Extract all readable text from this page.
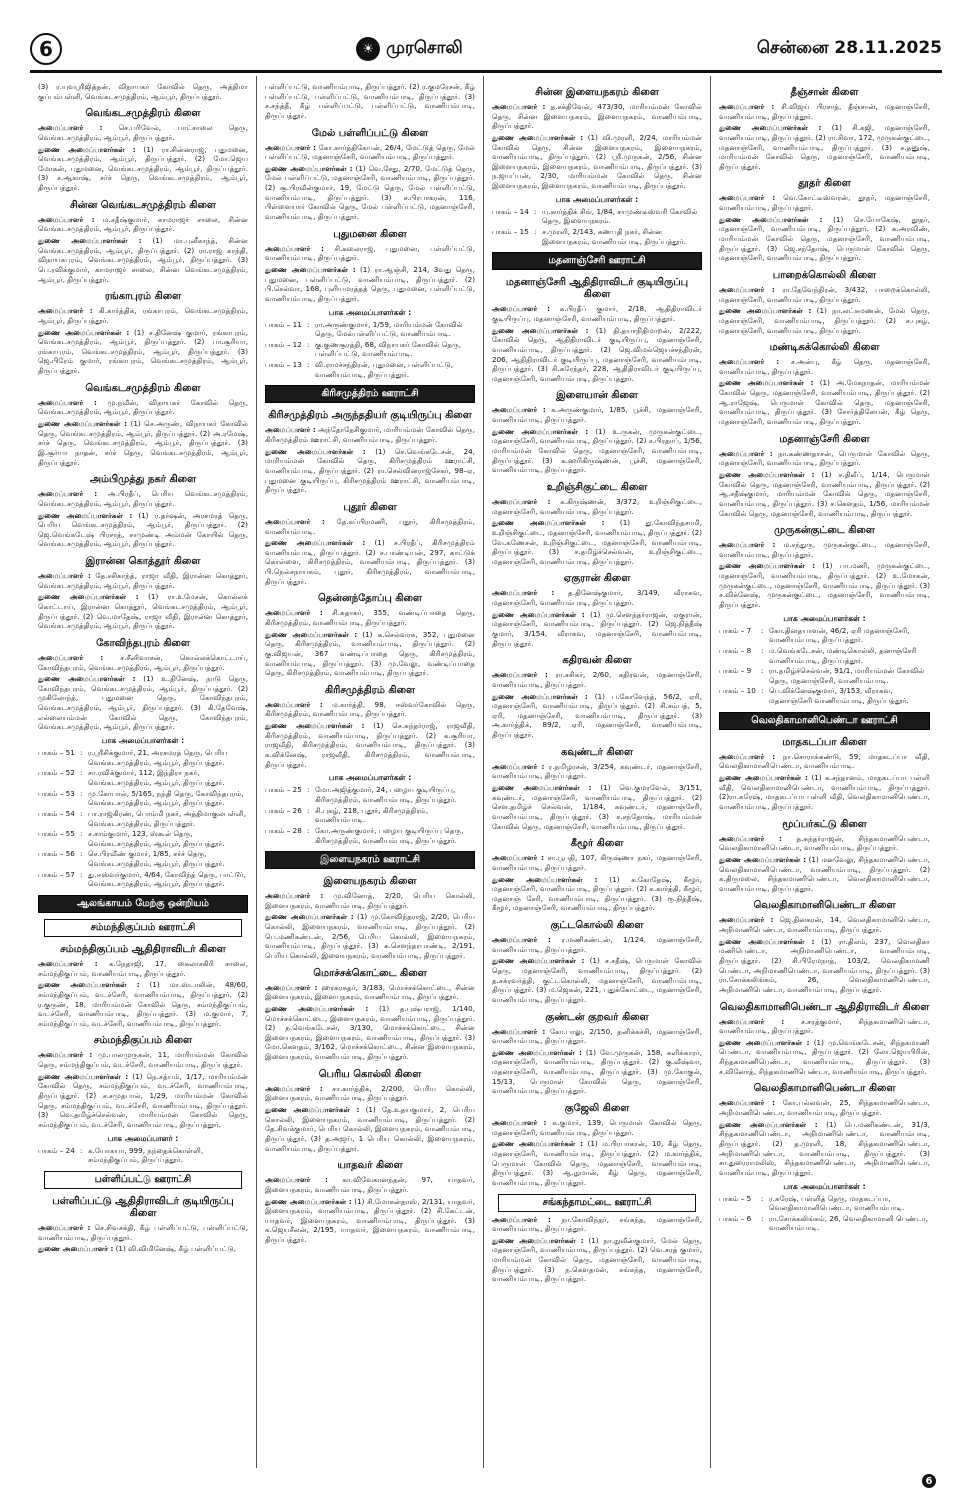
6	☀ முரசொலி	சென்னை 28.11.2025
(3) ர.யுவஸ்ரீஜித்தன், விநாயகர் கோவில் தெரு, அத்திமா குப்பம்பள்ளி, வெங்கடசமுத்திரம், ஆம்பூர், திருப்பத்தூர்.
வெங்கடசமுத்திரம் கிளை
அமைப்பாளர் : செ.பரிவேல், பாட்சாலை தெரு, வெங்கடசமுத்திரம், ஆம்பூர், திருப்பத்தூர்.
துணை அமைப்பாளர்கள் : (1) ரா.சின்னராஜ், புதுமனை, வெங்கடசமுத்திரம், ஆம்பூர், திருப்பத்தூர். (2) மோ.ஜெய மோகன், புதுமனை, வெங்கடசமுத்திரம், ஆம்பூர், திருப்பத்தூர். (3) ச.ஆகாஷ், சர்ச் தெரு, வெங்கடசமுத்திரம், ஆம்பூர், திருப்பத்தூர்.
சின்ன வெங்கடசமுத்திரம் கிளை
அமைப்பாளர் : ம.சதீஷ்குமார், காமராஜர் சாலை, சின்ன வெங்கடசமுத்திரம், ஆம்பூர், திருப்பத்தூர்.
துணை அமைப்பாளர்கள் : (1) மா.புனீகாந்த், சின்ன வெங்கடசமுத்திரம், ஆம்பூர், திருப்பத்தூர். (2) ரா.ராஜ் காந்தி, விநாயகபுரம், வெங்கடசமுத்திரம், ஆம்பூர், திருப்பத்தூர். (3) பெ.ரவிக்குமார், காமராஜர் சாலை, சின்ன வெங்கடசமுத்திரம், ஆம்பூர், திருப்பத்தூர்.
ரங்காபுரம் கிளை
அமைப்பாளர் : கி.கார்த்திக், ரங்காபுரம், வெங்கடசமுத்திரம், ஆம்பூர், திருப்பத்தூர்.
துணை அமைப்பாளர்கள் : (1) ச.தினேஷ் குமார், ரங்காபுரம், வெங்கடசமுத்திரம், ஆம்பூர், திருப்பத்தூர். (2) பா.சூரியா, ரங்காபுரம், வெங்கடசமுத்திரம், ஆம்பூர், திருப்பத்தூர். (3) ஜெ.பிரேம் குமார், ரங்காபுரம், வெங்கடசமுத்திரம், ஆம்பூர், திருப்பத்தூர்.
வெங்கடசமுத்திரம் கிளை
அமைப்பாளர் : மு.நவீன், விநாயகர் கோவில் தெரு, வெங்கடசமுத்திரம், ஆம்பூர், திருப்பத்தூர்.
துணை அமைப்பாளர்கள் : (1) செ.அருண், விநாயகர் கோவில் தெரு, வெங்கடசமுத்திரம், ஆம்பூர், திருப்பத்தூர். (2) அ.ரமேஷ், சர்ச் தெரு, வெங்கடசமுத்திரம், ஆம்பூர், திருப்பத்தூர். (3) இ.சூர்யா நாதன், சர்ச் தெரு, வெங்கடசமுத்திரம், ஆம்பூர், திருப்பத்தூர்.
அம்பிமுத்து நகர் கிளை
அமைப்பாளர் : அ.பிரதீப், பெரிய வெங்கடசமுத்திரம், வெங்கடசமுத்திரம், ஆம்பூர், திருப்பத்தூர்.
துணை அமைப்பாளர்கள் : (1) ர.தர்ஷன், அரசமரத் தெரு, பெரிய வெங்கடசமுத்திரம், ஆம்பூர், திருப்பத்தூர். (2) ஜெ.வெங்கடேஷ் பிரசாத், சாமுண்டி அம்மன் கோயில் தெரு, வெங்கடசமுத்திரம், ஆம்பூர், திருப்பத்தூர்.
இரான்ன கொத்தூர் கிளை
அமைப்பாளர் : தே.சசிகாந்த், ராஜா வீதி, இரான்ன கொத்தூர், வெங்கடசமுத்திரம், ஆம்பூர், திருப்பத்தூர்.
துணை அமைப்பாளர்கள் : (1) ரா.உமேசன், கொல்லக் கொட்டாய், இரான்ன கொத்தூர், வெங்கடசமுத்திரம், ஆம்பூர், திருப்பத்தூர். (2) வெ.மாதேஷ், ராஜா வீதி, இரான்ன கொத்தூர், வெங்கடசமுத்திரம், ஆம்பூர், திருப்பத்தூர்.
கோவிந்தபுரம் கிளை
அமைப்பாளர் : ச.சீனிவாசன், கொல்லக்கொட்டாய், கோவிந்தபுரம், வெங்கடசமுத்திரம், ஆம்பூர், திருப்பத்தூர்.
துணை அமைப்பாளர்கள் : (1) உ.தினேஷ், நாடு தெரு, கோவிந்தபுரம், வெங்கடசமுத்திரம், ஆம்பூர், திருப்பத்தூர். (2) முகிலோந்த், புதுமனை தெரு, கோவிந்தபுரம், வெங்கடசமுத்திரம், ஆம்பூர், திருப்பத்தூர். (3) கி.தேவேஷ், எல்லையம்மன் கோவில் தெரு, கோவிந்தபுரம், வெங்கடசமுத்திரம், ஆம்பூர், திருப்பத்தூர்.
பாக அமைப்பாளர்கள் :
பாகம் – 51 : ர.ஸ்ரீசிக்குமார், 21, அரசமரத் தெரு, பெரிய வெங்கடசமுத்திரம், ஆம்பூர், திருப்பத்தூர்.
பாகம் – 52 : சா.ரவிக்குமார், 112, இந்திரா நகர், வெங்கடசமுத்திரம், ஆம்பூர், திருப்பத்தூர்.
பாகம் – 53 : மு.கோபால், 5/165, நந்தி தெரு, கோவிந்தபுரம், வெங்கடசமுத்திரம், ஆம்பூர், திருப்பத்தூர்.
பாகம் – 54 : பா.ராஜ்கிரண், பொம்மி நகர், அத்திமாகுலபள்ளி, வெங்கடசமுத்திரம், திருப்பத்தூர்.
பாகம் – 55 : ச.சாம்குமார், 123, ஸ்கூல் தெரு, வெங்கடசமுத்திரம், ஆம்பூர், திருப்பத்தூர்.
பாகம் – 56 : செ.பிரவீண் குமார், 1/85, சர்ச் தெரு, வெங்கடசமுத்திரம், ஆம்பூர், திருப்பத்தூர்.
பாகம் – 57 : து.ஈஸ்வர்குமார், 4/64, கோவிந்த் தெரு, பாட்டூர், வெங்கடசமுத்திரம், ஆம்பூர், திருப்பத்தூர்.
ஆலங்காயம் மேற்கு ஒன்றியம்
சம்மந்திகுப்பம் ஊராட்சி
சம்மந்திகுப்பம் ஆதிதிராவிடர் கிளை
அமைப்பாளர் : க.நேதாஜி, 17, கைலாசகிரி சாலை, சம்மந்திகுப்பம், வாணியம்பாடி, திருப்பத்தூர்.
துணை அமைப்பாளர்கள் : (1) மா.ஸ்டாலின், 48/60, சம்மந்திகுப்பம், வடச்சேரி, வாணியம்பாடி, திருப்பத்தூர். (2) ர.குருண், 18, மாரியம்மன் கோவில் தெரு, சம்மந்திகுப்பம், வடச்சேரி, வாணியம்பாடி, திருப்பத்தூர். (3) ம.குமார், 7, சம்மந்திகுப்பம், வடச்சேரி, வாணியம்பாடி, திருப்பத்தூர்.
சம்மந்திகுப்பம் கிளை
அமைப்பாளர் : மு.பாலமுருகன், 11, மாரியம்மன் கோவில் தெரு, சம்மந்திகுப்பம், வடச்சேரி, வாணியம்பாடி, திருப்பத்தூர்.
துணை அமைப்பாளர்கள் : (1) நெ.சத்யம், 1/17, மாரியம்மன் கோவில் தெரு, சம்மந்திகுப்பம், வடச்சேரி, வாணியம்பாடி, திருப்பத்தூர். (2) ச.சமுதபால், 1/29, மாரியம்மன் கோவில் தெரு, சம்மந்திகுப்பம், வடச்சேரி, வாணியம்பாடி, திருப்பத்தூர். (3) வெ.தமிழ்ச்செல்வன், மாரியம்மன் கோவில் தெரு, சம்மந்திகுப்பம், வடச்சேரி, வாணியம்பாடி, திருப்பத்தூர்.
பாக அமைப்பாளர் :
பாகம் – 24 : க.யோகயா, 999, நந்தைக்கொள்ளி, சம்மந்திகுப்பம், திருப்பத்தூர்.
பள்ளிப்பட்டு ஊராட்சி
பள்ளிப்பட்டு ஆதிதிராவிடர் குடியிருப்பு கிளை
அமைப்பாளர் : செ.சிவசக்தி, கீழ் பள்ளிப்பட்டு, பள்ளிப்பட்டு, வாணியம்பாடி, திருப்பத்தூர்.
துணை அமைப்பாளர் : (1) வி.விமினேஷ், கீழ் பள்ளிப்பட்டு,
பள்ளிப்பட்டு, வாணியம்பாடி, திருப்பத்தூர். (2) ர.குமரேசன், கீழ் பள்ளிப்பட்டு, பள்ளிப்பட்டு, வாணியம்பாடி, திருப்பத்தூர். (3) ச.சந்த்தீ, கீழ் பள்ளிப்பட்டு, பள்ளிப்பட்டு, வாணியம்பாடி, திருப்பத்தூர்.
மேல் பள்ளிப்பட்டு கிளை
அமைப்பாளர் : கோ.கார்த்திகேயன், 26/4, மேட்டுத் தெரு, மேல் பள்ளிப்பட்டு, மதனாஞ்சேரி, வாணியம்பாடி, திருப்பத்தூர்.
துணை அமைப்பாளர்கள் : (1) வெ.சேது, 2/70, மேட்டுத் தெரு, மேல் பள்ளிப்பட்டு, மதனாஞ்சேரி, வாணியம்பாடி, திருப்பத்தூர். (2) சூ.பிரவீன்குமார், 19, மேட்டு தெரு, மேல் பள்ளிப்பட்டு, வாணியம்பாடி, திருப்பத்தூர். (3) ச.பிரபாகரன், 116, பிள்ளையார் கோவில் தெரு, மேல் பள்ளிப்பட்டு, மதனாஞ்சேரி, வாணியம்பாடி, திருப்பத்தூர்.
புதுமனை கிளை
அமைப்பாளர் : சி.கலைராஜ், புதுமனை, பள்ளிப்பட்டு, வாணியம்பாடி, திருப்பத்தூர்.
துணை அமைப்பாளர்கள் : (1) ரா.ஆஞ்சி, 214, 3வது தெரு, புதுமனை, பள்ளிப்பட்டு, வாணியம்பாடி, திருப்பத்தூர். (2) பி.செல்வா, 168, புளியமரத்தத் தெரு, புதுமனை, பள்ளிப்பட்டு, வாணியம்பாடி, திருப்பத்தூர்.
பாக அமைப்பாளர்கள் :
பாகம் – 11 : ரா.அருண்குமார், 1/59, மாரியம்மன் கோவில் தெரு, மேல்பள்ளிப்பட்டு, வாணியம்பாடி.
பாகம் – 12 : கு.குணசூரத்தி, 68, விநாயகர் கோவில் தெரு, பள்ளிப்பட்டு, வாணியம்பாடி.
பாகம் – 13 : வி.ராமச்சந்திரன், புதுமனை, பள்ளிப்பட்டு, வாணியம்பாடி, திருப்பத்தூர்.
கிரிசமுத்திரம் ஊராட்சி
கிரிசமுத்திரம் அருந்ததியர் குடியிருப்பு கிளை
அமைப்பாளர் : அந்தோதேசிகுமார், மாரியம்மன் கோவில் தெரு, கிரிசமுத்திரம் ஊராட்சி, வாணியம்பாடி, திருப்பத்தூர்.
துணை அமைப்பாளர்கள் : (1) செ.வெங்கடேசன், 24, மாரியம்மன் கோவில் தெரு, கிரிசமுத்திரம் ஊராட்சி, வாணியம்பாடி, திருப்பத்தூர். (2) ரா.செல்வினராஜ்சேகர், 98–ஏ, புதுமனை குடியிருப்பு, கிரிசமுத்திரம் ஊராட்சி, வாணியம்பாடி, திருப்பத்தூர்.
புதூர் கிளை
அமைப்பாளர் : தே.கப்பிரமணி, புதூர், கிரிசமுத்திரம், வாணியம்பாடி.
துணை அமைப்பாளர்கள் : (1) ச.பிரதீப், கிரிசமுத்திரம் வாணியம்பாடி, திருப்பத்தூர். (2) ச.பாண்டியன், 297, காட்டுக் கொள்ளை, கிரிசமுத்திரம், வாணியம்பாடி, திருப்பத்தூர். (3) பி.நெல்சநாயகம், புதூர், கிரிசமுத்திரம், வாணியம்பாடி, திருப்பத்தூர்.
தென்னந்தோப்பு கிளை
அமைப்பாளர் : சி.சுதாகர், 355, வண்டிப்பாதை தெரு, கிரிசமுத்திரம், வாணியம்பாடி, திருப்பத்தூர்.
துணை அமைப்பாளர்கள் : (1) க.செல்வரசு, 352, புதுமனை தெரு, கிரிசமுத்திரம், வாணியம்பாடி, திருப்பத்தூர். (2) கு.விஜயன், 367 வண்டிப்பாதை தெரு, கிரிசமுத்திரம், வாணியம்பாடி, திருப்பத்தூர். (3) மு.வேலு, வண்டிப்பாதை தெரு, கிரிசமுத்திரம், வாணியம்பாடி, திருப்பத்தூர்.
கிரிசமுத்திரம் கிளை
அமைப்பாளர் : ம.கார்த்தி, 98, ஈஸ்வர்கோவில் தெரு, கிரிசமுத்திரம், வாணியம்பாடி, திருப்பத்தூர்.
துணை அமைப்பாளர்கள் : (1) செ.சுந்தர்ராஜ், ராஜவீதி, கிரிசமுத்திரம், வாணியம்பாடி, திருப்பத்தூர். (2) க.சூரியா, ராஜவீதி, கிரிசமுத்திரம், வாணியம்பாடி, திருப்பத்தூர். (3) க.விக்னேஷ், ராஜவீதி, கிரிசமுத்திரம், வாணியம்பாடி, திருப்பத்தூர்.
பாக அமைப்பாளர்கள் :
பாகம் – 25 : மோ.அஜித்குமார், 24, பழைய குடியிருப்பு, கிரிசமுத்திரம், வாணியம்பாடி, திருப்பத்தூர்.
பாகம் – 26 : சி.புகழ், 218, புதூர், கிரிசமுத்திரம், வாணியம்பாடி.
பாகம் – 28 : கோ.அருண்குமார், பழைய குடியிருப்பு தெரு, கிரிசமுத்திரம், வாணியம்பாடி, திருப்பத்தூர்.
இளையநகரம் ஊராட்சி
இளையநகரம் கிளை
அமைப்பாளர் : மு.வினோத், 2/20, பெரிய கொல்லி, இளையநகரம், வாணியம்பாடி, திருப்பத்தூர்.
துணை அமைப்பாளர்கள் : (1) மு.கோவிந்தராஜ், 2/20, பெரிய கொல்லி, இளையநகரம், வாணியம்பாடி, திருப்பத்தூர். (2) பெ.மணிகண்டன், 2/56, பெரிய கொல்லி, இளையநகரம், வாணியம்பாடி, திருப்பத்தூர். (3) க.சௌந்தரபாண்டி, 2/191, பெரிய கொல்லி, இளையநகரம், வாணியம்பாடி, திருப்பத்தூர்.
மொச்சக்கொட்டை கிளை
அமைப்பாளர் : ஹரகரசுதர், 3/183, மொச்சக்கொட்டை, சின்ன இளையநகரம், இளையநகரம், வாணியம்பாடி, திருப்பத்தூர்.
துணை அமைப்பாளர்கள் : (1) த.புஷ்பராஜ், 1/140, மொச்சக்கொட்டை, இளையநகரம், வாணியம்பாடி, திருப்பத்தூர். (2) ந.வெங்கடேசன், 3/130, மொச்சக்கொட்டை, சின்ன இளையநகரம், இளையநகரம், வாணியம்பாடி, திருப்பத்தூர். (3) மோ.கௌதம், 3/162, மொச்சக்கொட்டை, சின்ன இளையநகரம், இளையநகரம், வாணியம்பாடி, திருப்பத்தூர்.
பெரிய கொல்லி கிளை
அமைப்பாளர் : சா.கார்த்திக், 2/200, பெரிய கொல்லி, இளையநகரம், வாணியம்பாடி, திருப்பத்தூர்.
துணை அமைப்பாளர்கள் : (1) தே.உதயகுமார், 2, பெரிய கொல்லி, இளையநகரம், வாணியம்பாடி, திருப்பத்தூர். (2) தே.சிவக்குமார், பெரிய கொல்லி, இளையநகரம், வாணியம்பாடி, திருப்பத்தூர். (3) த.அஜய், 1 பெரிய கொல்லி, இளையநகரம், வாணியம்பாடி, திருப்பத்தூர்.
யாதவர் கிளை
அமைப்பாளர் : கா.விவேகானந்தன், 97, யாதவர், இளையநகரம், வாணியம்பாடி, திருப்பத்தூர்.
துணை அமைப்பாளர்கள் : (1) சி.மோகன்தாஸ், 2/131, யாதவர், இளையநகரம், வாணியம்பாடி, திருப்பத்தூர். (2) சி.கேட்டன், யாதவர், இளையநகரம், வாணியம்பாடி, திருப்பத்தூர். (3) க.ஜெயசீலன், 2/195, யாதவர், இளையநகரம், வாணியம்பாடி, திருப்பத்தூர்.
சின்ன இளையநகரம் கிளை
அமைப்பாளர் : த.சக்திவேல், 473/30, மாரியம்மன் கோவில் தெரு, சின்ன இளையநகரம், இளையநகரம், வாணியம்பாடி, திருப்பத்தூர்.
துணை அமைப்பாளர்கள் : (1) வி.முரளி, 2/24, மாரியம்மன் கோவில் தெரு, சின்ன இளையநகரம், இளையநகரம், வாணியம்பாடி, திருப்பத்தூர். (2) ஸ்ரீ.முருகன், 2/56, சின்ன இளையநகரம், இளையநகரம், வாணியம்பாடி, திருப்பத்தூர். (3) ந.ஜயப்பன், 2/30, மாரியம்மன் கோவில் தெரு, சின்ன இளையநகரம், இளையநகரம், வாணியம்பாடி, திருப்பத்தூர்.
பாக அமைப்பாளர்கள் :
பாகம் – 14 : யு.கார்த்திக் சிங், 1/84, சாமுண்டீஸ்வரி கோவில் தெரு, இளையநகரம்.
பாகம் – 15 : ச.முரளி, 2/143, கணபதி நகர், சின்ன இளையநகரம், வாணியம்பாடி, திருப்பத்தூர்.
மதனாஞ்சேரி ஊராட்சி
மதனாஞ்சேரி ஆதிதிராவிடர் குடியிருப்பு கிளை
அமைப்பாளர் : க.பிரதீப் குமார், 2/18, ஆதிதிராவிடர் குடியிருப்பு, மதனாஞ்சேரி, வாணியம்பாடி, திருப்பத்தூர்.
துணை அமைப்பாளர்கள் : (1) தி.தயாநிதிமாறன், 2/222, கோவில் தெரு, ஆதிதிராவிடர் குடியிருப்பு, மதனாஞ்சேரி, வாணியம்பாடி, திருப்பத்தூர். (2) ஜெ.விமல்ஜெயச்சந்திரன், 206, ஆதிதிராவிடர் குடியிருப்பு, மதனாஞ்சேரி, வாணியம்பாடி, திருப்பத்தூர். (3) சி.சுரேந்தர், 228, ஆதிதிராவிடர் குடியிருப்பு, மதனாஞ்சேரி, வாணியம்பாடி, திருப்பத்தூர்.
இளையான் கிளை
அமைப்பாளர் : க.அருண்குமார், 1/85, பூச்சி, மதனாஞ்சேரி, வாணியம்பாடி, திருப்பத்தூர்.
துணை அமைப்பாளர்கள் : (1) உ.ருகன், முருகன்குட்டை, மதனாஞ்சேரி, வாணியம்பாடி, திருப்பத்தூர். (2) ச.பிரதாப், 1/56, மாரியம்மன் கோவில் தெரு, மதனாஞ்சேரி, வாணியம்பாடி, திருப்பத்தூர். (3) க.ஹரிகிருஷ்ணன், பூச்சி, மதனாஞ்சேரி, வாணியம்பாடி, திருப்பத்தூர்.
உறிஞ்சிகுட்டை கிளை
அமைப்பாளர் : க.கிருஷ்ணன், 3/372, உறிஞ்சிகுட்டை, மதனாஞ்சேரி, வாணியம்பாடி, திருப்பத்தூர்.
துணை அமைப்பாளர்கள் : (1) து.கோவிந்தசாமி, உறிஞ்சிகுட்டை, மதனாஞ்சேரி, வாணியம்பாடி, திருப்பத்தூர். (2) வே.கணேசன், உறிஞ்சிகுட்டை, மதனாஞ்சேரி, வாணியம்பாடி, திருப்பத்தூர். (3) ச.தமிழ்ச்செல்வன், உறிஞ்சிகுட்டை, மதனாஞ்சேரி, வாணியம்பாடி, திருப்பத்தூர்.
ஏகுரான் கிளை
அமைப்பாளர் : த.தினேஷ்குமார், 3/149, வீராசுவ, மதனாஞ்சேரி, வாணியம்பாடி, திருப்பத்தூர்.
துணை அமைப்பாளர்கள் : (1) மு.சௌந்தர்ராஜன், ஏகுரான், மதனாஞ்சேரி, வாணியம்பாடி, திருப்பத்தூர். (2) ஜெ.நித்தீஷ் குமார், 3/154, வீராசுவ, மதனாஞ்சேரி, வாணியம்பாடி, திருப்பத்தூர்.
கதிரவன் கிளை
அமைப்பாளர் : ரா.சசிகர், 2/60, கதிரவன், மதனாஞ்சேரி, வாணியம்பாடி, திருப்பத்தூர்.
துணை அமைப்பாளர்கள் : (1) ப.கோவேந்த், 56/2, ஏரி, மதனாஞ்சேரி, வாணியம்பாடி, திருப்பத்தூர். (2) சி.சம்பத், 5, ஏரி, மதனாஞ்சேரி, வாணியம்பாடி, திருப்பத்தூர். (3) அ.கார்த்திக், 89/2, ஏரி, மதனாஞ்சேரி, வாணியம்பாடி, திருப்பத்தூர்.
கவுண்டர் கிளை
அமைப்பாளர் : ர.தமிழரசன், 3/254, கவுண்டர், மதனாஞ்சேரி, வாணியம்பாடி, திருப்பத்தூர்.
துணை அமைப்பாளர்கள் : (1) வெ.குமரவேல், 3/151, கவுண்டர், மதனாஞ்சேரி, வாணியம்பாடி, திருப்பத்தூர். (2) சௌ.தமிழ்ச் செல்வன், 1/184, கவுண்டர், மதனாஞ்சேரி, வாணியம்பாடி, திருப்பத்தூர். (3) ச.சந்தோஷ், மாரியம்மன் கோவில் தெரு, மதனாஞ்சேரி, வாணியம்பாடி, திருப்பத்தூர்.
கீழூர் கிளை
அமைப்பாளர் : சா.பூபதி, 107, கிருஷ்ணா நகர், மதனாஞ்சேரி, வாணியம்பாடி, திருப்பத்தூர்.
துணை அமைப்பாளர்கள் : (1) க.கோதேஷ், கீழூர், மதனாஞ்சேரி, வாணியம்பாடி, திருப்பத்தூர். (2) க.கார்த்தி, கீழூர், மதனாஞ் சேரி, வாணியம்பாடி, திருப்பத்தூர். (3) ரூ.நித்தீஷ், கீழூர், மதனாஞ்சேரி, வாணியம்பாடி, திருப்பத்தூர்.
குட்டகொல்லி கிளை
அமைப்பாளர் : ர.மணிகண்டன், 1/124, மதனாஞ்சேரி, வாணியம்பாடி, திருப்பத்தூர்.
துணை அமைப்பாளர்கள் : (1) ச.சதீஷ், பெருமாள் கோவில் தெரு, மதனாஞ்சேரி, வாணியம்பாடி, திருப்பத்தூர். (2) த.சக்ரவர்த்தி, குட்டகொல்லி, மதனாஞ்சேரி, வாணியம்பாடி, திருப்பத்தூர். (3) ம.ஜெகன், 221, புதுக்கோட்டை, மதனாஞ்சேரி, வாணியம்பாடி, திருப்பத்தூர்.
குண்டன் குறவர் கிளை
அமைப்பாளர் : கோ.பாலு, 2/150, தனிக்கச்சி, மதனாஞ்சேரி, வாணியம்பாடி, திருப்பத்தூர்.
துணை அமைப்பாளர்கள் : (1) வே.முருகன், 158, களிக்காரர், மதனாஞ்சேரி, வாணியம்பாடி, திருப்பத்தூர். (2) கு.வீஷ்வா, மதனாஞ்சேரி, வாணியம்பாடி, திருப்பத்தூர். (3) மு.கோகுல், 15/13, பெருமாள் கோவில் தெரு, மதனாஞ்சேரி, வாணியம்பாடி, திருப்பத்தூர்.
குஜேலி கிளை
அமைப்பாளர் : க.குமார், 139, பெருமாள் கோவில் தெரு, மதனாஞ்சேரி, வாணியம்பாடி, திருப்பத்தூர்.
துணை அமைப்பாளர்கள் : (1) ம.பிரபாகரன், 10, கீழ் தெரு, மதனாஞ்சேரி, வாணியம்பாடி, திருப்பத்தூர். (2) ம.கார்த்திக், பெருமாள் கோவில் தெரு, மதனாஞ்சேரி, வாணியம்பாடி, திருப்பத்தூர். (3) ஆ.நுமான், கீழ் தெரு, மதனாஞ்சேரி, வாணியம்பாடி, திருப்பத்தூர்.
சங்கந்தாமட்டை ஊராட்சி
அமைப்பாளர் : நா.கோவிந்தர், சங்கந்த, மதனாஞ்சேரி, வாணியம்பாடி, திருப்பத்தூர்.
துணை அமைப்பாளர்கள் : (1) நா.நுவீன்குமார், மேல் தெரு, மதனாஞ்சேரி, வாணியம்பாடி, திருப்பத்தூர். (2) வெ.சரத் குமார், மாரியம்மன் கோவில் தெரு, மதனாஞ்சேரி, வாணியம்பாடி, திருப்பத்தூர். (3) ந.கௌதமன், சங்கந்த, மதனாஞ்சேரி, வாணியம்பாடி, திருப்பத்தூர்.
தீஞ்சான் கிளை
அமைப்பாளர் : சி.விஜய் பிரசாத், தீஞ்சான், மதனாஞ்சேரி, வாணியம்பாடி, திருப்பத்தூர்.
துணை அமைப்பாளர்கள் : (1) சி.கஜி, மதனாஞ்சேரி, வாணியம்பாடி, திருப்பத்தூர். (2) ரா.சிவா, 172, முருகன்குட்டை, மதனாஞ்சேரி, வாணியம்பாடி, திருப்பத்தூர். (3) ச.தனுஷ், மாரியம்மன் கோவில் தெரு, மதனாஞ்சேரி, வாணியம்பாடி, திருப்பத்தூர்.
தூதர் கிளை
அமைப்பாளர் : வெ.கோட்டீஸ்வரன், தூதர், மதனாஞ்சேரி, வாணியம்பாடி, திருப்பத்தூர்.
துணை அமைப்பாளர்கள் : (1) செ.யோகேஷ், தூதர், மதனாஞ்சேரி, வாணியம்பாடி, திருப்பத்தூர். (2) க.அரவிண், மாரியம்மன் கோவில் தெரு, மதனாஞ்சேரி, வாணியம்பாடி, திருப்பத்தூர். (3) ஜெ.சந்தோஷ், பெருமாள் கோவில் தெரு, மதனாஞ்சேரி, வாணியம்பாடி, திருப்பத்தூர்.
பாறைக்கொல்லி கிளை
அமைப்பாளர் : ரா.தேவேந்திரன், 3/432, பாறைக்கொல்லி, மதனாஞ்சேரி, வாணியம்பாடி, திருப்பத்தூர்.
துணை அமைப்பாளர்கள் : (1) நா.லட்சுமணன், மேல் தெரு, மதனாஞ்சேரி, வாணியம்பாடி, திருப்பத்தூர். (2) ச.புகழ், மதனாஞ்சேரி, வாணியம்பாடி, திருப்பத்தூர்.
மண்டிசுக்கொல்லி கிளை
அமைப்பாளர் : ச.அன்பு, கீழ் தெரு, மதனாஞ்சேரி, வாணியம்பாடி, திருப்பத்தூர்.
துணை அமைப்பாளர்கள் : (1) அ.மேகநாதன், மாரியம்மன் கோவில் தெரு, மதனாஞ்சேரி, வாணியம்பாடி, திருப்பத்தூர். (2) ஆ.ராஜேஷ், பெருமாள் கோவில் தெரு, மதனாஞ்சேரி, வாணியம்பாடி, திருப்பத்தூர். (3) சோர்த்திகேயன், கீழ் தெரு, மதனாஞ்சேரி, வாணியம்பாடி, திருப்பத்தூர்.
மதனாஞ்சேரி கிளை
அமைப்பாளர் : நா.கண்ணதாசன், பெருமாள் கோவில் தெரு, மதனாஞ்சேரி, வாணியம்பாடி, திருப்பத்தூர்.
துணை அமைப்பாளர்கள் : (1) ச.திலீப், 1/14, பெருமாள் கோவில் தெரு, மதனாஞ்சேரி, வாணியம்பாடி, திருப்பத்தூர். (2) ஆ.சதீஷ்குமார், மாரியம்மன் கோவில் தெரு, மதனாஞ்சேரி, வாணியம்பாடி, திருப்பத்தூர். (3) ச.கௌதம், 1/56, மாரியம்மன் கோவில் தெரு, மதனாஞ்சேரி, வாணியம்பாடி, திருப்பத்தூர்.
முருகன்குட்டை கிளை
அமைப்பாளர் : ம.சந்துரு, முருகன்குட்டை, மதனாஞ்சேரி, வாணியம்பாடி, திருப்பத்தூர்.
துணை அமைப்பாளர்கள் : (1) பா.மணி, முருகன்குட்டை, மதனாஞ்சேரி, வாணியம்பாடி, திருப்பத்தூர். (2) உ.மோகன், முருகன்குட்டை, மதனாஞ்சேரி, வாணியம்பாடி, திருப்பத்தூர். (3) ச.விக்னேஷ், முருகன்குட்டை, மதனாஞ்சேரி, வாணியம்பாடி, திருப்பத்தூர்.
பாக அமைப்பாளர்கள் :
பாகம் – 7	: கோ.தினதயாளன், 46/2, ஏரி மதனாஞ்சேரி, வாணியம்பாடி, திருப்பத்தூர்.
பாகம் – 8	: ம.வெங்கடேசன், மண்டிகொல்லி, தனாஞ்சேரி வாணியம்பாடி, திருப்பத்தூர்.
பாகம் – 9	: ரா.தமிழ்ச்செல்வன், 91/1, மாரியம்மன் கோவில் தெரு, மதனாஞ்சேரி, வாணியம்பாடி.
பாகம் – 10 : பெ.விக்னேஷ்குமார், 3/153, வீராசுவ, மதனாஞ்சேரி வாணியம்பாடி, திருப்பத்தூர்.
வெலதிகாமானிபெண்டா ஊராட்சி
மாதகடப்பா கிளை
அமைப்பாளர் : நா.சொராக்கண்டு, 59, மாதகடப்பா வீதி, வெலதிகாமானிபெண்டா, வாணியம்பாடி.
துணை அமைப்பாளர்கள் : (1) க.சந்தானம், மாதகடப்பா பள்ளி வீதி, வெலதிகாமானிபெண்டா, வாணியம்பாடி, திருப்பத்தூர். (2)ரா.கரேஷ், மாதகடப்பா பள்ளி வீதி, வெலதிகாமானிபெண்டா, வாணியம்பாடி, திருப்பத்தூர்.
மூப்பர்கட்டு கிளை
அமைப்பாளர் : த.சுந்தர்ராஜன், சிந்தகமாணிபெண்டா, வெலதிகாமானிபெண்டா, வாணியம்பாடி, திருப்பத்தூர்.
துணை அமைப்பாளர்கள் : (1) மனவேலு, சிந்தகமாணிபெண்டா, வெலதிகாமானிபெண்டா, வாணியம்பாடி, திருப்பத்தூர். (2) க.திருமலை, சிந்தகமாணிபெண்டா, வெலதிகாமானிபெண்டா, வாணியம்பாடி, திருப்பத்தூர்.
வெலதிகாமானிபெண்டா கிளை
அமைப்பாளர் : ஜெ.தினகரன், 14, வெலதிகாமானிபெண்டா, அநிமாணிபெண்டா, வாணியம்பாடி, திருப்பத்தூர்.
துணை அமைப்பாளர்கள் : (1) ரா.திலம், 237, வெலதிகா மணிபெண்டா, அநிமாணிபெண்டா, வாணியம்பாடி, திருப்பத்தூர். (2) சி.பிரேமநாத், 103/2, வெலதிகாமணி பெண்டா, அநிமாணிபெண்டா, வாணியம்பாடி, திருப்பத்தூர். (3) ரா.சோக்கலிங்கம், 26, வெலதிகாமணிபெண்டா, அநிமாணிபெண்டா, வாணியம்பாடி, திருப்பத்தூர்.
வெலதிகாமானிபெண்டா ஆதிதிராவிடர் கிளை
அமைப்பாளர் : ச.சரத்குமார், சிந்தகமாணிபெண்டா, வாணியம்பாடி, திருப்பத்தூர்.
துணை அமைப்பாளர்கள் : (1) மு.வெங்கடேசன், சிந்தகமாணி பெண்டா, வாணியம்பாடி, திருப்பத்தூர். (2) லோ.ஜெயபிரின், சிந்தகமாணிபெண்டா, வாணியம்பாடி, திருப்பத்தூர். (3) ச.வினோத், சிந்தகமாணிபெண்டா, வாணியம்பாடி, திருப்பத்தூர்.
வெலதிகாமானிபெண்டா கிளை
அமைப்பாளர் : கோ.பல்லவன், 25, சிந்தகமாணிபெண்டா, அநிமாணிபெண்டா, வாணியம்பாடி, திருப்பத்தூர்.
துணை அமைப்பாளர்கள் : (1) பெ.மணிகண்டன், 31/3, சிந்தகமாணிபெண்டா, அநிமாணிபெண்டா, வாணியம்பாடி, திருப்பத்தூர். (2) த.முரளி, 18, சிந்தகமாணிபெண்டா, அநிமாணிபெண்டா, வாணியம்பாடி, திருப்பத்தூர். (3) சா.துரைராமலிஸ், சிந்தகமாணிபெண்டா, அநிமாணிபெண்டா, வாணியம்பாடி, திருப்பத்தூர்.
பாக அமைப்பாளர்கள் :
பாகம் – 5	: ர.சுரேஷ், பள்ளித் தெரு, மாதகடப்பா, வெலதிகாமானிபெண்டா, வாணியம்பாடி.
பாகம் – 6	: ரா.சோக்கலிங்கம், 26, வெலதிகாமானி பெண்டா, வாணியம்பாடி.
6
